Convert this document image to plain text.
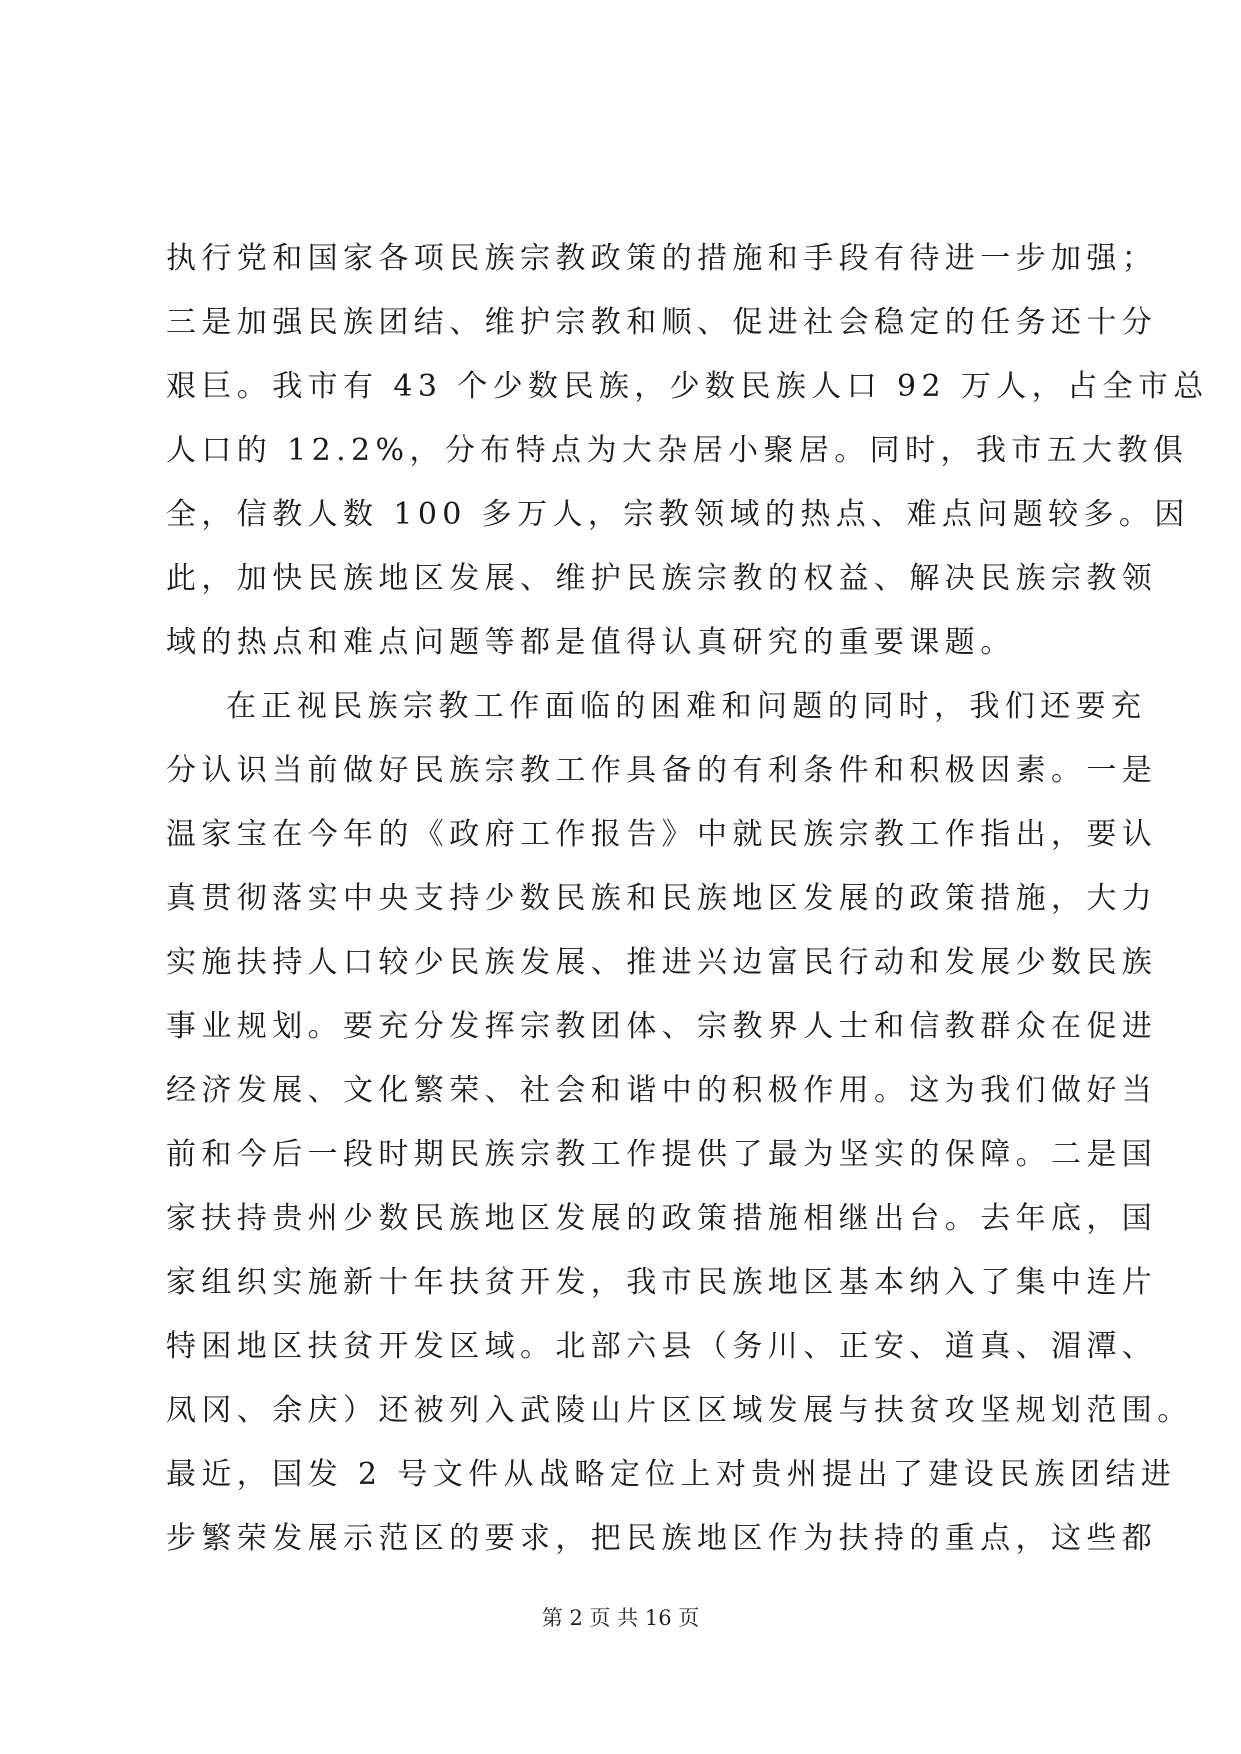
执行党和国家各项民族宗教政策的措施和手段有待进一步加强；
三是加强民族团结、维护宗教和顺、促进社会稳定的任务还十分
艰巨。我市有 43 个少数民族，少数民族人口 92 万人，占全市总
人口的 12.2%，分布特点为大杂居小聚居。同时，我市五大教俱
全，信教人数 100 多万人，宗教领域的热点、难点问题较多。因
此，加快民族地区发展、维护民族宗教的权益、解决民族宗教领
域的热点和难点问题等都是值得认真研究的重要课题。
在正视民族宗教工作面临的困难和问题的同时，我们还要充
分认识当前做好民族宗教工作具备的有利条件和积极因素。一是
温家宝在今年的《政府工作报告》中就民族宗教工作指出，要认
真贯彻落实中央支持少数民族和民族地区发展的政策措施，大力
实施扶持人口较少民族发展、推进兴边富民行动和发展少数民族
事业规划。要充分发挥宗教团体、宗教界人士和信教群众在促进
经济发展、文化繁荣、社会和谐中的积极作用。这为我们做好当
前和今后一段时期民族宗教工作提供了最为坚实的保障。二是国
家扶持贵州少数民族地区发展的政策措施相继出台。去年底，国
家组织实施新十年扶贫开发，我市民族地区基本纳入了集中连片
特困地区扶贫开发区域。北部六县（务川、正安、道真、湄潭、
凤冈、余庆）还被列入武陵山片区区域发展与扶贫攻坚规划范围。
最近，国发 2 号文件从战略定位上对贵州提出了建设民族团结进
步繁荣发展示范区的要求，把民族地区作为扶持的重点，这些都
第 2 页 共 16 页
